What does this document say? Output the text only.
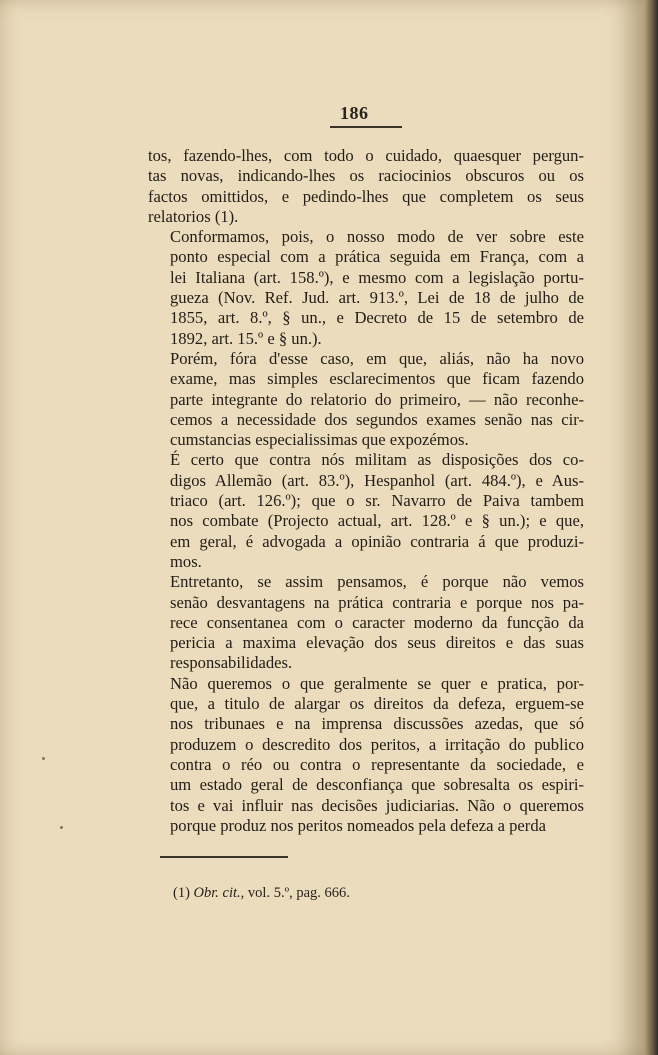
186

tos, fazendo-lhes, com todo o cuidado, quaesquer pergun-
tas novas, indicando-lhes os raciocinios obscuros ou os
factos omittidos, e pedindo-lhes que completem os seus
relatorios (1).

Conformamos, pois, o nosso modo de ver sobre este
ponto especial com a prática seguida em França, com a
lei Italiana (art. 158.º), e mesmo com a legislação portu-
gueza (Nov. Ref. Jud. art. 913.º, Lei de 18 de julho de
1855, art. 8.º, § un., e Decreto de 15 de setembro de
1892, art. 15.º e § un.).

Porém, fóra d'esse caso, em que, aliás, não ha novo
exame, mas simples esclarecimentos que ficam fazendo
parte integrante do relatorio do primeiro, — não reconhe-
cemos a necessidade dos segundos exames senão nas cir-
cumstancias especialissimas que expozémos.

É certo que contra nós militam as disposições dos co-
digos Allemão (art. 83.º), Hespanhol (art. 484.º), e Aus-
triaco (art. 126.º); que o sr. Navarro de Paiva tambem
nos combate (Projecto actual, art. 128.º e § un.); e que,
em geral, é advogada a opinião contraria á que produzi-
mos.

Entretanto, se assim pensamos, é porque não vemos
senão desvantagens na prática contraria e porque nos pa-
rece consentanea com o caracter moderno da funcção da
pericia a maxima elevação dos seus direitos e das suas
responsabilidades.

Não queremos o que geralmente se quer e pratica, por-
que, a titulo de alargar os direitos da defeza, erguem-se
nos tribunaes e na imprensa discussões azedas, que só
produzem o descredito dos peritos, a irritação do publico
contra o réo ou contra o representante da sociedade, e
um estado geral de desconfiança que sobresalta os espiri-
tos e vai influir nas decisões judiciarias. Não o queremos
porque produz nos peritos nomeados pela defeza a perda

(1) Obr. cit., vol. 5.º, pag. 666.
